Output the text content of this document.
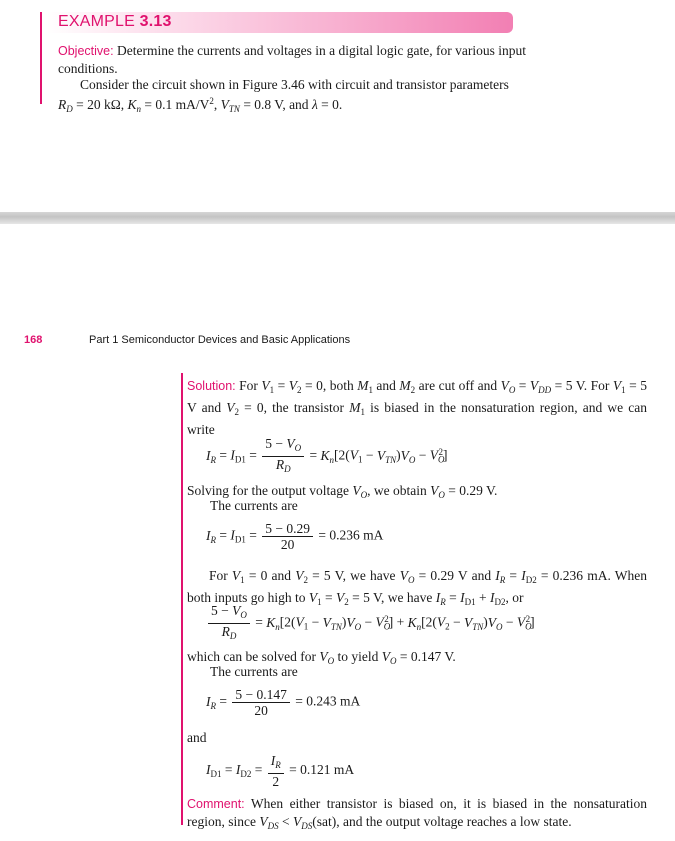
EXAMPLE 3.13
Objective: Determine the currents and voltages in a digital logic gate, for various input conditions.
Consider the circuit shown in Figure 3.46 with circuit and transistor parameters
$R_D = 20$ kΩ, $K_n = 0.1$ $mA/V^2$, $V_{TN} = 0.8$ V, and λ = 0.
168	Part 1 Semiconductor Devices and Basic Applications
Solution: For $V_1 = V_2 = 0$, both $M_1$ and $M_2$ are cut off and $V_O = V_{DD} = 5$ V. For $V_1 = 5$ V and $V_2 = 0$, the transistor $M_1$ is biased in the nonsaturation region, and we can write
$I_R = I_{D1} = \frac{5 - V_O}{R_D} = K_n[2(V_1 - V_{TN})V_O - V_O^2]$
Solving for the output voltage $V_O$, we obtain $V_O = 0.29$ V.
The currents are
$I_R = I_{D1} = \frac{5 - 0.29}{20} = 0.236$ mA
For $V_1 = 0$ and $V_2 = 5$ V, we have $V_O = 0.29$ V and $I_R = I_{D2} = 0.236$ mA. When both inputs go high to $V_1 = V_2 = 5$ V, we have $I_R = I_{D1} + I_{D2}$, or
$\frac{5 - V_O}{R_D} = K_n[2(V_1 - V_{TN})V_O - V_O^2] + K_n[2(V_2 - V_{TN})V_O - V_O^2]$
which can be solved for $V_O$ to yield $V_O = 0.147$ V.
The currents are
$I_R = \frac{5 - 0.147}{20} = 0.243$ mA
and
$I_{D1} = I_{D2} = \frac{I_R}{2} = 0.121$ mA
Comment: When either transistor is biased on, it is biased in the nonsaturation region, since $V_{DS} < V_{DS}(sat)$, and the output voltage reaches a low state.
